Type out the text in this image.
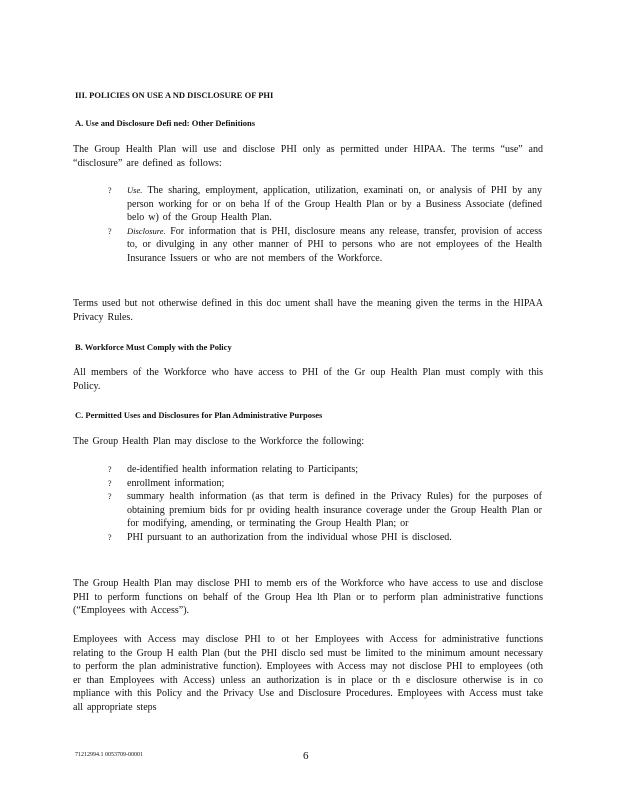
III. POLICIES ON USE A ND DISCLOSURE OF PHI
A. Use and Disclosure Defi ned: Other Definitions
The Group Health Plan will use and disclose PHI only as permitted under HIPAA. The terms “use” and “disclosure” are defined as follows:
? Use. The sharing, employment, application, utilization, examinati on, or analysis of PHI by any person working for or on beha lf of the Group Health Plan or by a Business Associate (defined belo w) of the Group Health Plan.
? Disclosure. For information that is PHI, disclosure means any release, transfer, provision of access to, or divulging in any other manner of PHI to persons who are not employees of the Health Insurance Issuers or who are not members of the Workforce.
Terms used but not otherwise defined in this doc ument shall have the meaning given the terms in the HIPAA Privacy Rules.
B. Workforce Must Comply with the Policy
All members of the Workforce who have access to PHI of the Gr oup Health Plan must comply with this Policy.
C. Permitted Uses and Disclosures for Plan Administrative Purposes
The Group Health Plan may disclose to the Workforce the following:
? de-identified health information relating to Participants;
? enrollment information;
? summary health information (as that term is defined in the Privacy Rules) for the purposes of obtaining premium bids for pr oviding health insurance coverage under the Group Health Plan or for modifying, amending, or terminating the Group Health Plan; or
? PHI pursuant to an authorization from the individual whose PHI is disclosed.
The Group Health Plan may disclose PHI to memb ers of the Workforce who have access to use and disclose PHI to perform functions on behalf of the Group Hea lth Plan or to perform plan administrative functions (“Employees with Access”).
Employees with Access may disclose PHI to ot her Employees with Access for administrative functions relating to the Group H ealth Plan (but the PHI disclo sed must be limited to the minimum amount necessary to perform the plan administrative function). Employees with Access may not disclose PHI to employees (oth er than Employees with Access) unless an authorization is in place or th e disclosure otherwise is in co mpliance with this Policy and the Privacy Use and Disclosure Procedures. Employees with Access must take all appropriate steps
71212994.1 0053709-00001	6
